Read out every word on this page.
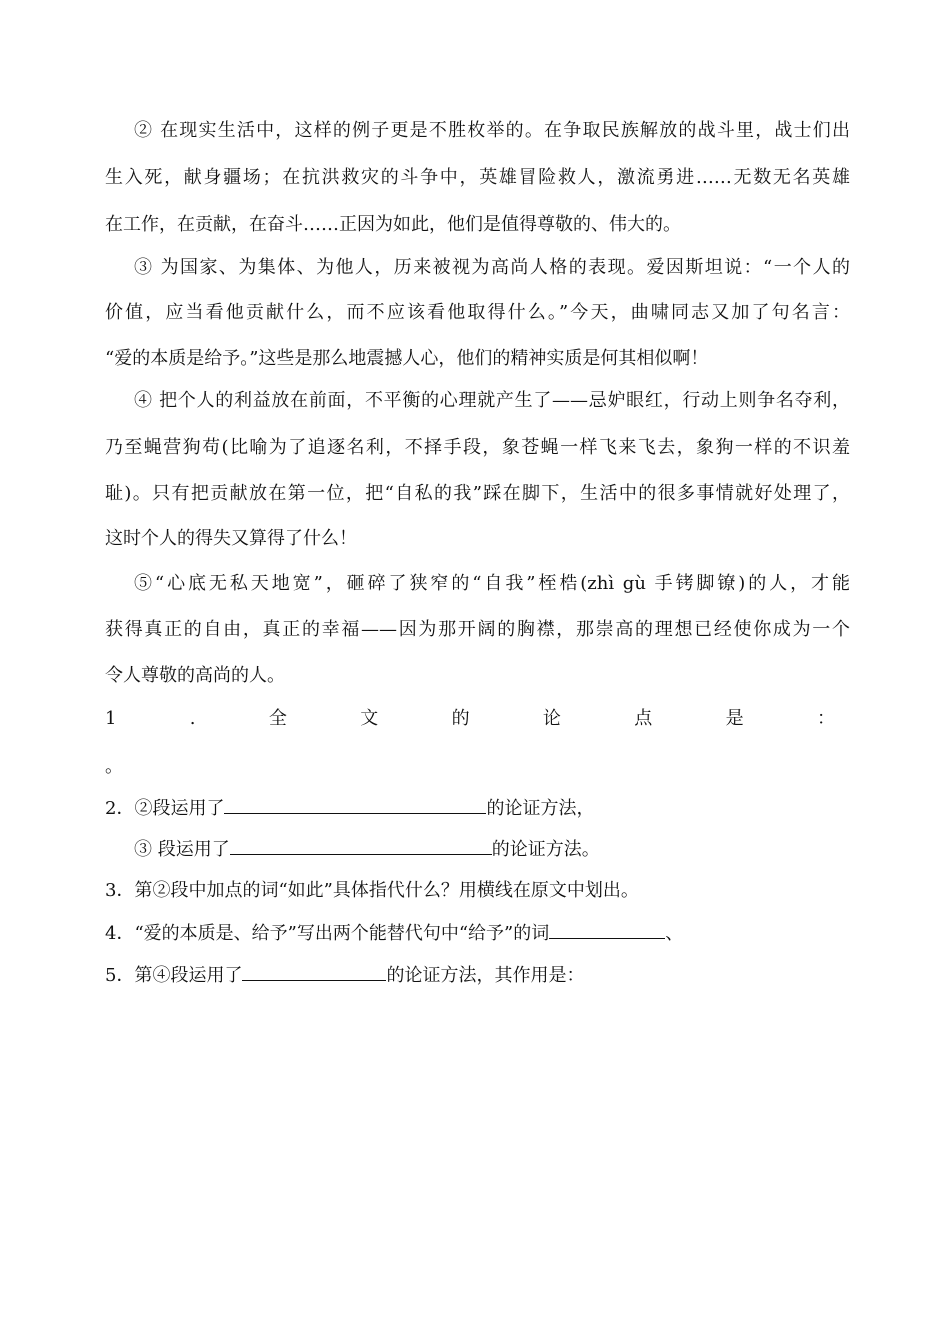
② 在现实生活中，这样的例子更是不胜枚举的。在争取民族解放的战斗里，战士们出
生入死，献身疆场；在抗洪救灾的斗争中，英雄冒险救人，激流勇进……无数无名英雄
在工作，在贡献，在奋斗……正因为如此，他们是值得尊敬的、伟大的。
③ 为国家、为集体、为他人，历来被视为高尚人格的表现。爱因斯坦说：“一个人的
价值，应当看他贡献什么，而不应该看他取得什么。”今天，曲啸同志又加了句名言：
“爱的本质是给予。”这些是那么地震撼人心，他们的精神实质是何其相似啊！
④ 把个人的利益放在前面，不平衡的心理就产生了——忌妒眼红，行动上则争名夺利，
乃至蝇营狗苟(比喻为了追逐名利，不择手段，象苍蝇一样飞来飞去，象狗一样的不识羞
耻)。只有把贡献放在第一位，把“自私的我”踩在脚下，生活中的很多事情就好处理了，
这时个人的得失又算得了什么！
⑤“心底无私天地宽”，砸碎了狭窄的“自我”桎梏(zhì gù 手铐脚镣)的人，才能
获得真正的自由，真正的幸福——因为那开阔的胸襟，那崇高的理想已经使你成为一个
令人尊敬的高尚的人。
1	.	全	文	的	论	点	是	：
。
2．②段运用了	的论证方法，
③ 段运用了	的论证方法。
3．第②段中加点的词“如此”具体指代什么？用横线在原文中划出。
4．“爱的本质是、给予”写出两个能替代句中“给予”的词	、
5．第④段运用了	的论证方法，其作用是：
